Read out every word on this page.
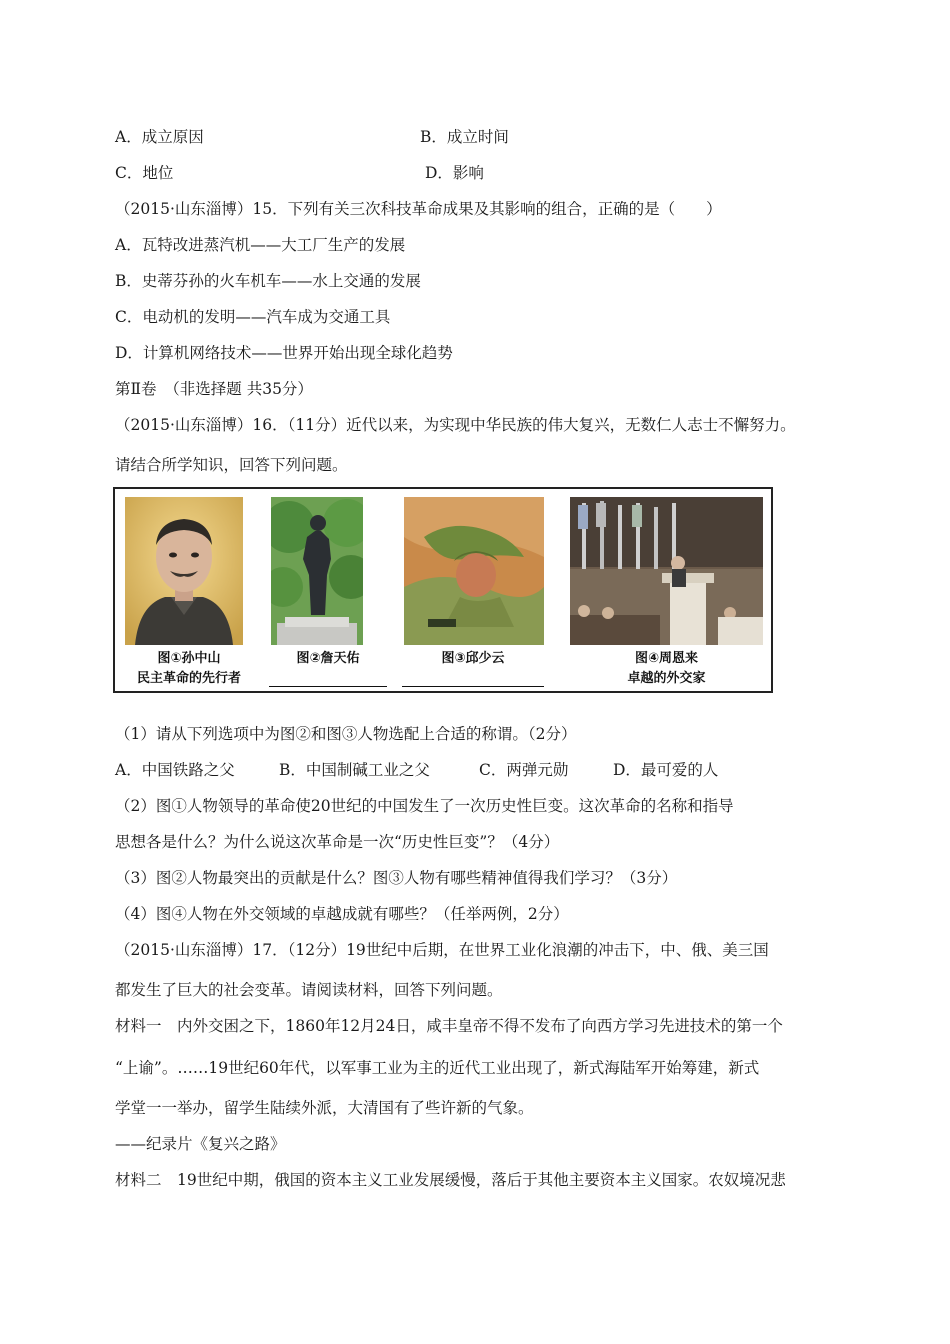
A．成立原因	B．成立时间
C．地位	D．影响
（2015·山东淄博）15．下列有关三次科技革命成果及其影响的组合，正确的是（　　）
A．瓦特改进蒸汽机——大工厂生产的发展
B．史蒂芬孙的火车机车——水上交通的发展
C．电动机的发明——汽车成为交通工具
D．计算机网络技术——世界开始出现全球化趋势
第Ⅱ卷　（非选择题 共35分）
（2015·山东淄博）16．（11分）近代以来，为实现中华民族的伟大复兴，无数仁人志士不懈努力。
请结合所学知识，回答下列问题。
图①孙中山
民主革命的先行者
图②詹天佑	图③邱少云	图④周恩来
卓越的外交家
（1）请从下列选项中为图②和图③人物选配上合适的称谓。（2分）
A．中国铁路之父	B．中国制碱工业之父	C．两弹元勋	D．最可爱的人
（2）图①人物领导的革命使20世纪的中国发生了一次历史性巨变。这次革命的名称和指导
思想各是什么？为什么说这次革命是一次“历史性巨变”？（4分）
（3）图②人物最突出的贡献是什么？图③人物有哪些精神值得我们学习？（3分）
（4）图④人物在外交领域的卓越成就有哪些？（任举两例，2分）
（2015·山东淄博）17．（12分）19世纪中后期，在世界工业化浪潮的冲击下，中、俄、美三国
都发生了巨大的社会变革。请阅读材料，回答下列问题。
材料一　内外交困之下，1860年12月24日，咸丰皇帝不得不发布了向西方学习先进技术的第一个
“上谕”。……19世纪60年代，以军事工业为主的近代工业出现了，新式海陆军开始筹建，新式
学堂一一举办，留学生陆续外派，大清国有了些许新的气象。
——纪录片《复兴之路》
材料二　19世纪中期，俄国的资本主义工业发展缓慢，落后于其他主要资本主义国家。农奴境况悲
